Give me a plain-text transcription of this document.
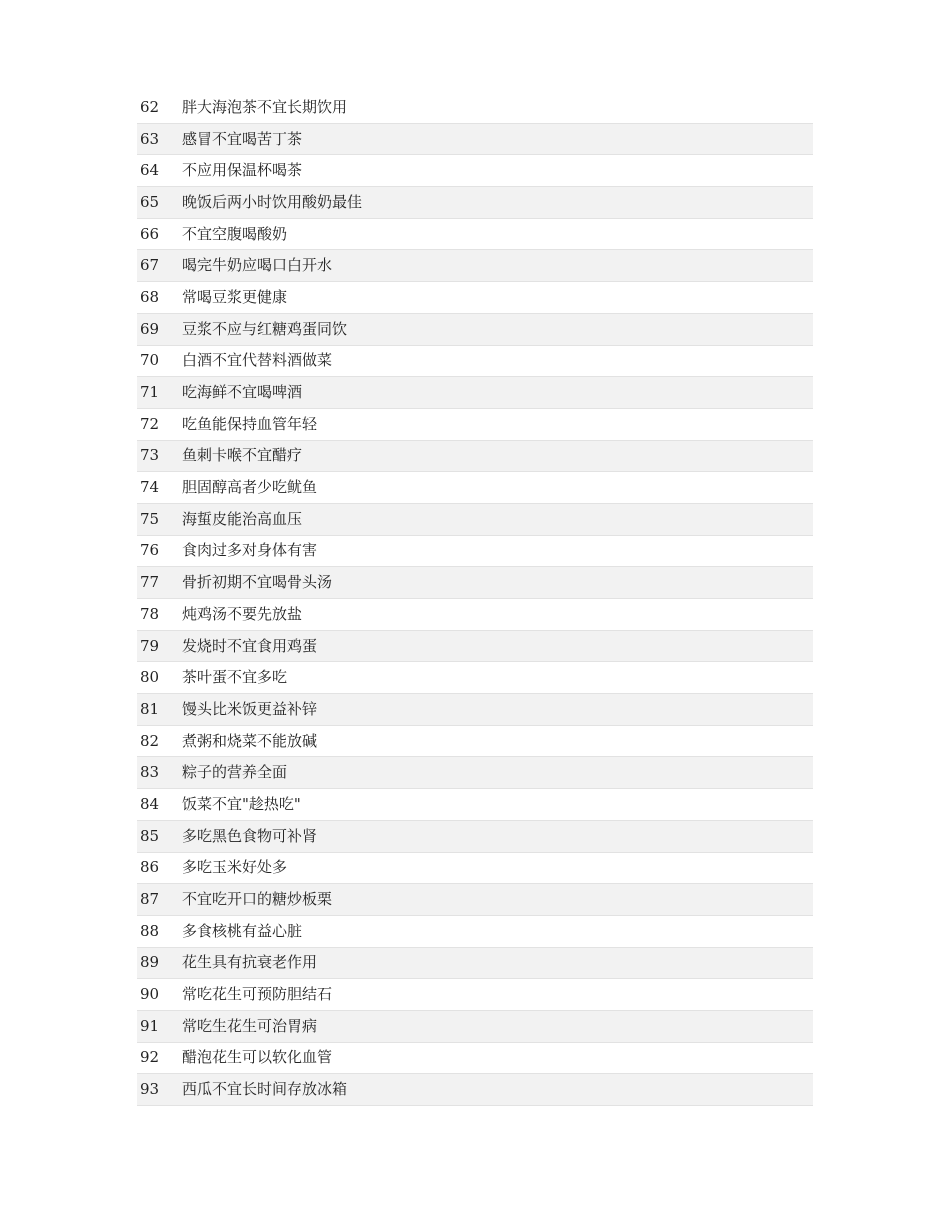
62	胖大海泡茶不宜长期饮用
63	感冒不宜喝苦丁茶
64	不应用保温杯喝茶
65	晚饭后两小时饮用酸奶最佳
66	不宜空腹喝酸奶
67	喝完牛奶应喝口白开水
68	常喝豆浆更健康
69	豆浆不应与红糖鸡蛋同饮
70	白酒不宜代替料酒做菜
71	吃海鲜不宜喝啤酒
72	吃鱼能保持血管年轻
73	鱼刺卡喉不宜醋疗
74	胆固醇高者少吃鱿鱼
75	海蜇皮能治高血压
76	食肉过多对身体有害
77	骨折初期不宜喝骨头汤
78	炖鸡汤不要先放盐
79	发烧时不宜食用鸡蛋
80	茶叶蛋不宜多吃
81	馒头比米饭更益补锌
82	煮粥和烧菜不能放碱
83	粽子的营养全面
84	饭菜不宜"趁热吃"
85	多吃黑色食物可补肾
86	多吃玉米好处多
87	不宜吃开口的糖炒板栗
88	多食核桃有益心脏
89	花生具有抗衰老作用
90	常吃花生可预防胆结石
91	常吃生花生可治胃病
92	醋泡花生可以软化血管
93	西瓜不宜长时间存放冰箱
